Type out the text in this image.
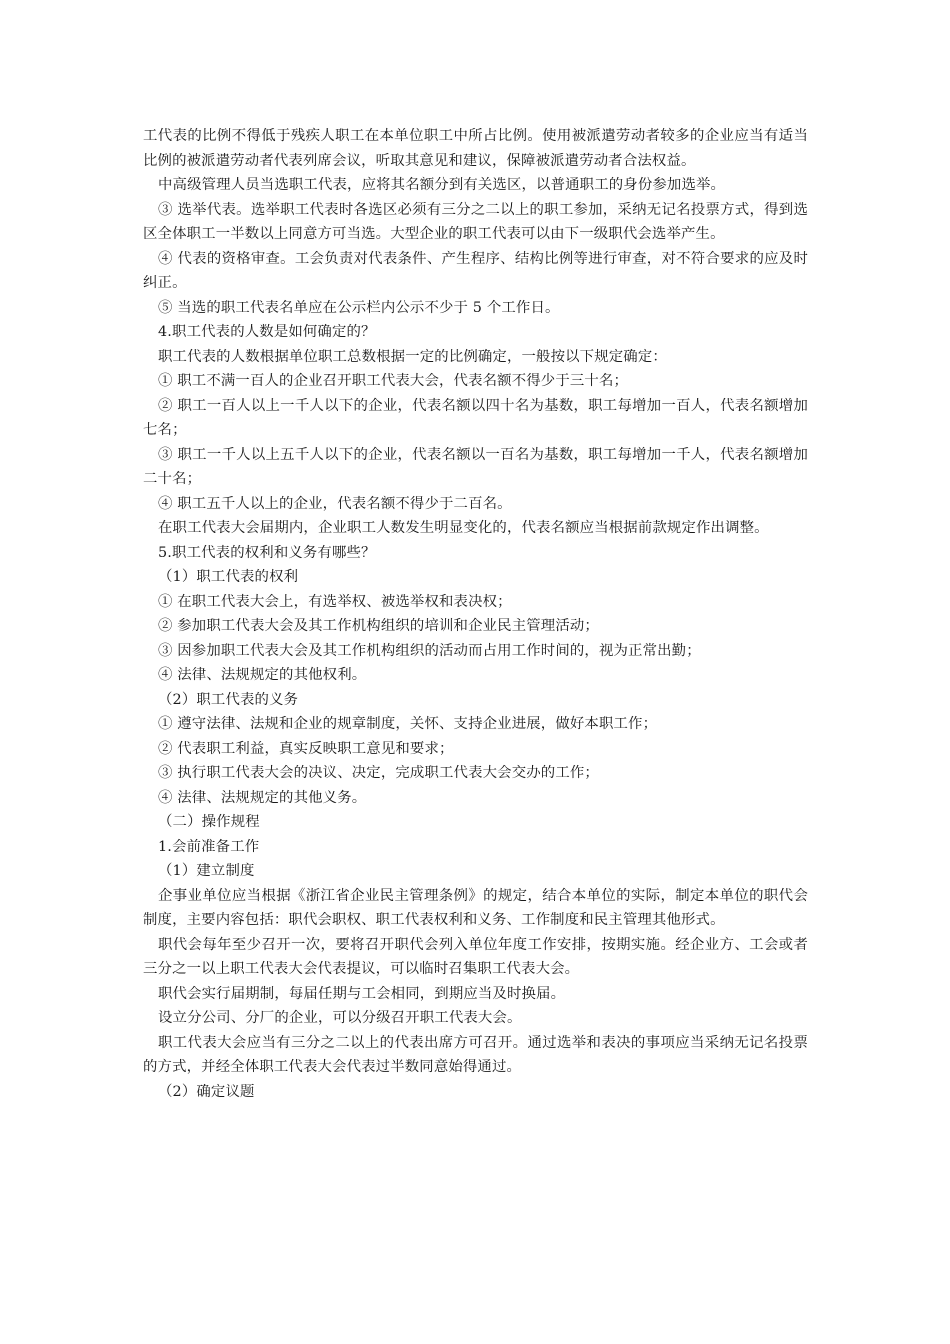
工代表的比例不得低于残疾人职工在本单位职工中所占比例。使用被派遣劳动者较多的企业应当有适当比例的被派遣劳动者代表列席会议，听取其意见和建议，保障被派遣劳动者合法权益。

中高级管理人员当选职工代表，应将其名额分到有关选区，以普通职工的身份参加选举。

③ 选举代表。选举职工代表时各选区必须有三分之二以上的职工参加，采纳无记名投票方式，得到选区全体职工一半数以上同意方可当选。大型企业的职工代表可以由下一级职代会选举产生。

④ 代表的资格审查。工会负责对代表条件、产生程序、结构比例等进行审查，对不符合要求的应及时纠正。

⑤ 当选的职工代表名单应在公示栏内公示不少于 5 个工作日。

4.职工代表的人数是如何确定的？

职工代表的人数根据单位职工总数根据一定的比例确定，一般按以下规定确定：

① 职工不满一百人的企业召开职工代表大会，代表名额不得少于三十名；

② 职工一百人以上一千人以下的企业，代表名额以四十名为基数，职工每增加一百人，代表名额增加七名；

③ 职工一千人以上五千人以下的企业，代表名额以一百名为基数，职工每增加一千人，代表名额增加二十名；

④ 职工五千人以上的企业，代表名额不得少于二百名。

在职工代表大会届期内，企业职工人数发生明显变化的，代表名额应当根据前款规定作出调整。

5.职工代表的权利和义务有哪些？

（1）职工代表的权利

① 在职工代表大会上，有选举权、被选举权和表决权；

② 参加职工代表大会及其工作机构组织的培训和企业民主管理活动；

③ 因参加职工代表大会及其工作机构组织的活动而占用工作时间的，视为正常出勤；

④ 法律、法规规定的其他权利。

（2）职工代表的义务

① 遵守法律、法规和企业的规章制度，关怀、支持企业进展，做好本职工作；

② 代表职工利益，真实反映职工意见和要求；

③ 执行职工代表大会的决议、决定，完成职工代表大会交办的工作；

④ 法律、法规规定的其他义务。

（二）操作规程

1.会前准备工作

（1）建立制度

企事业单位应当根据《浙江省企业民主管理条例》的规定，结合本单位的实际，制定本单位的职代会制度，主要内容包括：职代会职权、职工代表权利和义务、工作制度和民主管理其他形式。

职代会每年至少召开一次，要将召开职代会列入单位年度工作安排，按期实施。经企业方、工会或者三分之一以上职工代表大会代表提议，可以临时召集职工代表大会。

职代会实行届期制，每届任期与工会相同，到期应当及时换届。

设立分公司、分厂的企业，可以分级召开职工代表大会。

职工代表大会应当有三分之二以上的代表出席方可召开。通过选举和表决的事项应当采纳无记名投票的方式，并经全体职工代表大会代表过半数同意始得通过。

（2）确定议题
